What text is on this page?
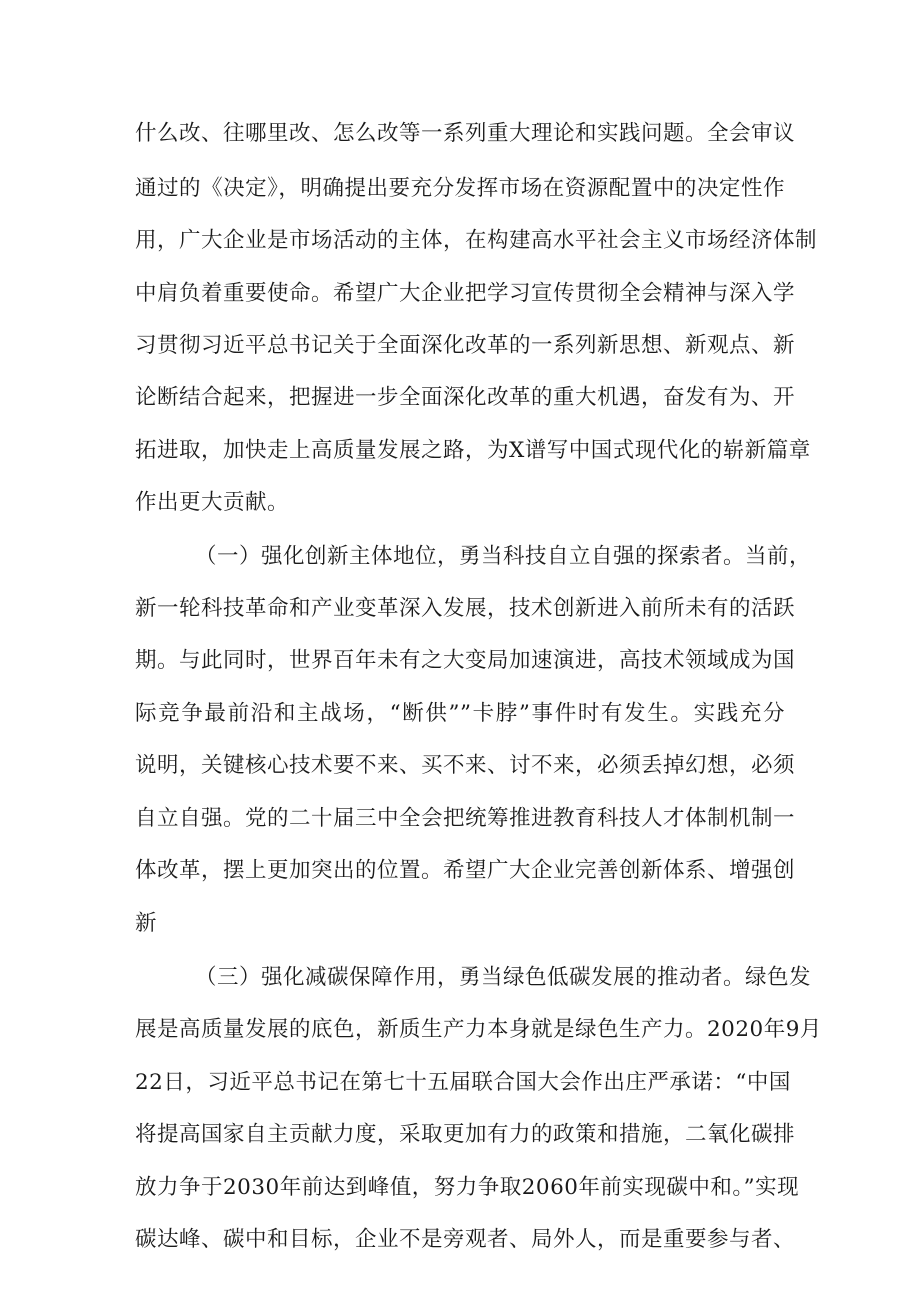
什么改、往哪里改、怎么改等一系列重大理论和实践问题。全会审议
通过的《决定》，明确提出要充分发挥市场在资源配置中的决定性作
用，广大企业是市场活动的主体，在构建高水平社会主义市场经济体制
中肩负着重要使命。希望广大企业把学习宣传贯彻全会精神与深入学
习贯彻习近平总书记关于全面深化改革的一系列新思想、新观点、新
论断结合起来，把握进一步全面深化改革的重大机遇，奋发有为、开
拓进取，加快走上高质量发展之路，为X谱写中国式现代化的崭新篇章
作出更大贡献。
（一）强化创新主体地位，勇当科技自立自强的探索者。当前，
新一轮科技革命和产业变革深入发展，技术创新进入前所未有的活跃
期。与此同时，世界百年未有之大变局加速演进，高技术领域成为国
际竞争最前沿和主战场，“断供””卡脖”事件时有发生。实践充分
说明，关键核心技术要不来、买不来、讨不来，必须丢掉幻想，必须
自立自强。党的二十届三中全会把统筹推进教育科技人才体制机制一
体改革，摆上更加突出的位置。希望广大企业完善创新体系、增强创
新
（三）强化减碳保障作用，勇当绿色低碳发展的推动者。绿色发
展是高质量发展的底色，新质生产力本身就是绿色生产力。2020年9月
22日，习近平总书记在第七十五届联合国大会作出庄严承诺：“中国
将提高国家自主贡献力度，采取更加有力的政策和措施，二氧化碳排
放力争于2030年前达到峰值，努力争取2060年前实现碳中和。”实现
碳达峰、碳中和目标，企业不是旁观者、局外人，而是重要参与者、
